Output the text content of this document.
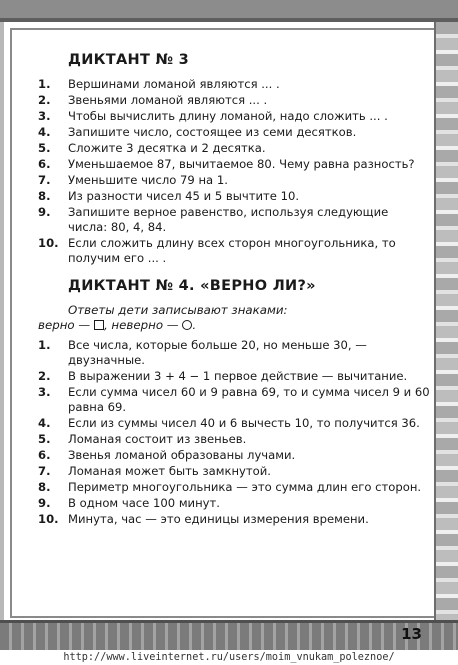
ДИКТАНТ № 3
1. Вершинами ломаной являются ... .
2. Звеньями ломаной являются ... .
3. Чтобы вычислить длину ломаной, надо сложить ... .
4. Запишите число, состоящее из семи десятков.
5. Сложите 3 десятка и 2 десятка.
6. Уменьшаемое 87, вычитаемое 80. Чему равна разность?
7. Уменьшите число 79 на 1.
8. Из разности чисел 45 и 5 вычтите 10.
9. Запишите верное равенство, используя следующие числа: 80, 4, 84.
10. Если сложить длину всех сторон многоугольника, то получим его ... .
ДИКТАНТ № 4. «ВЕРНО ЛИ?»
Ответы дети записывают знаками:
верно — , неверно — .
1. Все числа, которые больше 20, но меньше 30, — двузначные.
2. В выражении 3 + 4 − 1 первое действие — вычитание.
3. Если сумма чисел 60 и 9 равна 69, то и сумма чисел 9 и 60 равна 69.
4. Если из суммы чисел 40 и 6 вычесть 10, то получится 36.
5. Ломаная состоит из звеньев.
6. Звенья ломаной образованы лучами.
7. Ломаная может быть замкнутой.
8. Периметр многоугольника — это сумма длин его сторон.
9. В одном часе 100 минут.
10. Минута, час — это единицы измерения времени.
13
http://www.liveinternet.ru/users/moim_vnukam_poleznoe/
